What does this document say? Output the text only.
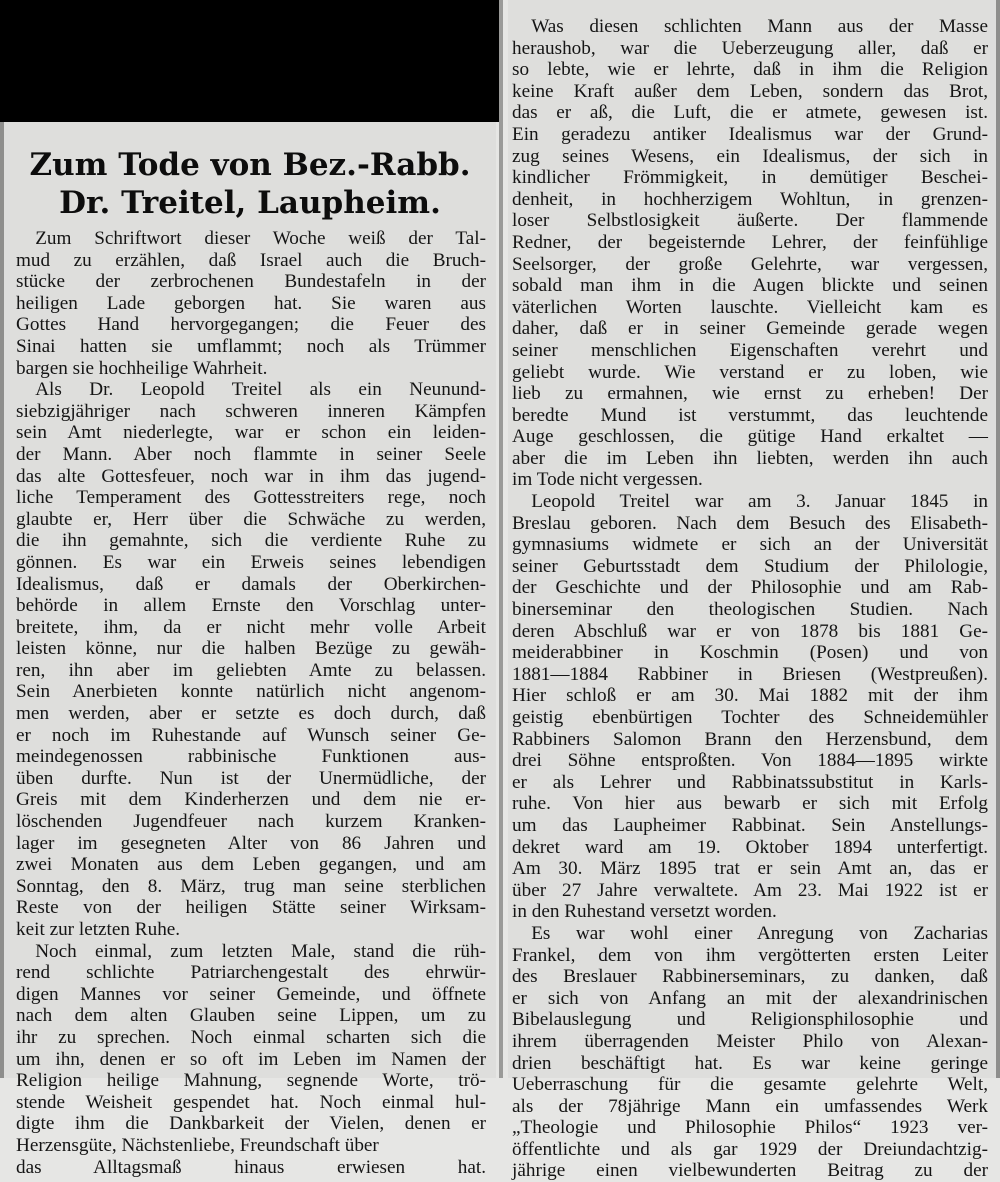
Zum Tode von Bez.-Rabb.
Dr. Treitel, Laupheim.
 Zum Schriftwort dieser Woche weiß der Tal-
mud zu erzählen, daß Israel auch die Bruch-
stücke der zerbrochenen Bundestafeln in der
heiligen Lade geborgen hat. Sie waren aus
Gottes Hand hervorgegangen; die Feuer des
Sinai hatten sie umflammt; noch als Trümmer
bargen sie hochheilige Wahrheit.
 Als Dr. Leopold Treitel als ein Neunund-
siebzigjähriger nach schweren inneren Kämpfen
sein Amt niederlegte, war er schon ein leiden-
der Mann. Aber noch flammte in seiner Seele
das alte Gottesfeuer, noch war in ihm das jugend-
liche Temperament des Gottesstreiters rege, noch
glaubte er, Herr über die Schwäche zu werden,
die ihn gemahnte, sich die verdiente Ruhe zu
gönnen. Es war ein Erweis seines lebendigen
Idealismus, daß er damals der Oberkirchen-
behörde in allem Ernste den Vorschlag unter-
breitete, ihm, da er nicht mehr volle Arbeit
leisten könne, nur die halben Bezüge zu gewäh-
ren, ihn aber im geliebten Amte zu belassen.
Sein Anerbieten konnte natürlich nicht angenom-
men werden, aber er setzte es doch durch, daß
er noch im Ruhestande auf Wunsch seiner Ge-
meindegenossen rabbinische Funktionen aus-
üben durfte. Nun ist der Unermüdliche, der
Greis mit dem Kinderherzen und dem nie er-
löschenden Jugendfeuer nach kurzem Kranken-
lager im gesegneten Alter von 86 Jahren und
zwei Monaten aus dem Leben gegangen, und am
Sonntag, den 8. März, trug man seine sterblichen
Reste von der heiligen Stätte seiner Wirksam-
keit zur letzten Ruhe.
 Noch einmal, zum letzten Male, stand die rüh-
rend schlichte Patriarchengestalt des ehrwür-
digen Mannes vor seiner Gemeinde, und öffnete
nach dem alten Glauben seine Lippen, um zu
ihr zu sprechen. Noch einmal scharten sich die
um ihn, denen er so oft im Leben im Namen der
Religion heilige Mahnung, segnende Worte, trö-
stende Weisheit gespendet hat. Noch einmal hul-
digte ihm die Dankbarkeit der Vielen, denen er
Herzensgüte, Nächstenliebe, Freundschaft über
das Alltagsmaß hinaus erwiesen hat.
 Was diesen schlichten Mann aus der Masse
heraushob, war die Ueberzeugung aller, daß er
so lebte, wie er lehrte, daß in ihm die Religion
keine Kraft außer dem Leben, sondern das Brot,
das er aß, die Luft, die er atmete, gewesen ist.
Ein geradezu antiker Idealismus war der Grund-
zug seines Wesens, ein Idealismus, der sich in
kindlicher Frömmigkeit, in demütiger Beschei-
denheit, in hochherzigem Wohltun, in grenzen-
loser Selbstlosigkeit äußerte. Der flammende
Redner, der begeisternde Lehrer, der feinfühlige
Seelsorger, der große Gelehrte, war vergessen,
sobald man ihm in die Augen blickte und seinen
väterlichen Worten lauschte. Vielleicht kam es
daher, daß er in seiner Gemeinde gerade wegen
seiner menschlichen Eigenschaften verehrt und
geliebt wurde. Wie verstand er zu loben, wie
lieb zu ermahnen, wie ernst zu erheben! Der
beredte Mund ist verstummt, das leuchtende
Auge geschlossen, die gütige Hand erkaltet —
aber die im Leben ihn liebten, werden ihn auch
im Tode nicht vergessen.
 Leopold Treitel war am 3. Januar 1845 in
Breslau geboren. Nach dem Besuch des Elisabeth-
gymnasiums widmete er sich an der Universität
seiner Geburtsstadt dem Studium der Philologie,
der Geschichte und der Philosophie und am Rab-
binerseminar den theologischen Studien. Nach
deren Abschluß war er von 1878 bis 1881 Ge-
meiderabbiner in Koschmin (Posen) und von
1881—1884 Rabbiner in Briesen (Westpreußen).
Hier schloß er am 30. Mai 1882 mit der ihm
geistig ebenbürtigen Tochter des Schneidemühler
Rabbiners Salomon Brann den Herzensbund, dem
drei Söhne entsproßten. Von 1884—1895 wirkte
er als Lehrer und Rabbinatssubstitut in Karls-
ruhe. Von hier aus bewarb er sich mit Erfolg
um das Laupheimer Rabbinat. Sein Anstellungs-
dekret ward am 19. Oktober 1894 unterfertigt.
Am 30. März 1895 trat er sein Amt an, das er
über 27 Jahre verwaltete. Am 23. Mai 1922 ist er
in den Ruhestand versetzt worden.
 Es war wohl einer Anregung von Zacharias
Frankel, dem von ihm vergötterten ersten Leiter
des Breslauer Rabbinerseminars, zu danken, daß
er sich von Anfang an mit der alexandrinischen
Bibelauslegung und Religionsphilosophie und
ihrem überragenden Meister Philo von Alexan-
drien beschäftigt hat. Es war keine geringe
Ueberraschung für die gesamte gelehrte Welt,
als der 78jährige Mann ein umfassendes Werk
„Theologie und Philosophie Philos“ 1923 ver-
öffentlichte und als gar 1929 der Dreiundachtzig-
jährige einen vielbewunderten Beitrag zu der
